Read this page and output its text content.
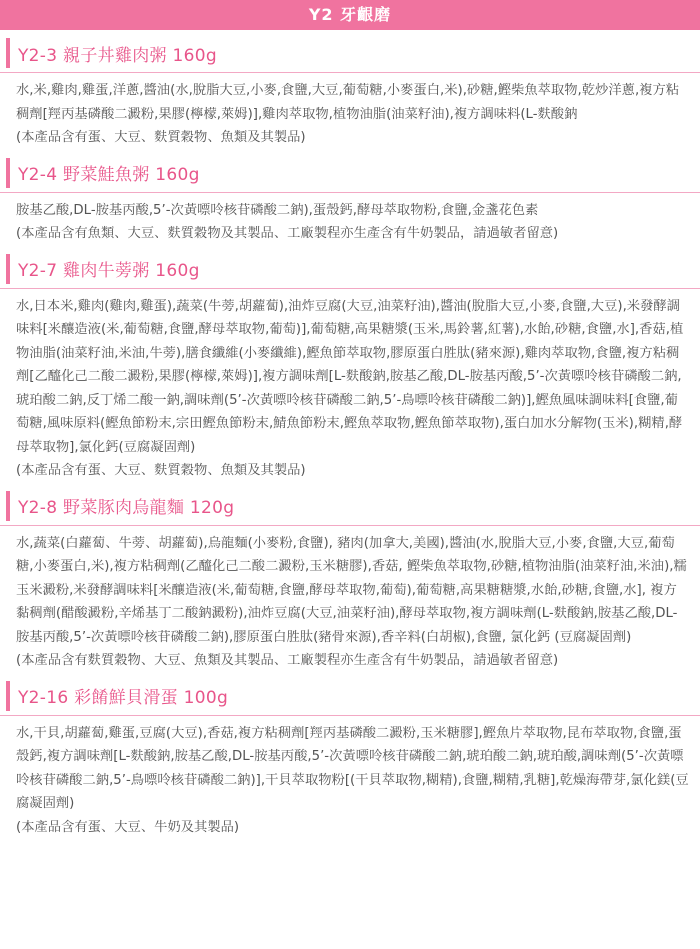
Y2 牙齦磨
Y2-3 親子丼雞肉粥 160g
水,米,雞肉,雞蛋,洋蔥,醬油(水,脫脂大豆,小麥,食鹽,大豆,葡萄糖,小麥蛋白,米),砂糖,鰹柴魚萃取物,乾炒洋蔥,複方粘稠劑[羥丙基磷酸二澱粉,果膠(檸檬,萊姆)],雞肉萃取物,植物油脂(油菜籽油),複方調味料(L-麩酸鈉
(本產品含有蛋、大豆、麩質穀物、魚類及其製品)
Y2-4 野菜鮭魚粥 160g
胺基乙酸,DL-胺基丙酸,5’-次黃嘌呤核苷磷酸二鈉),蛋殼鈣,酵母萃取物粉,食鹽,金盞花色素
(本產品含有魚類、大豆、麩質穀物及其製品、工廠製程亦生產含有牛奶製品，請過敏者留意)
Y2-7 雞肉牛蒡粥 160g
水,日本米,雞肉(雞肉,雞蛋),蔬菜(牛蒡,胡蘿蔔),油炸豆腐(大豆,油菜籽油),醬油(脫脂大豆,小麥,食鹽,大豆),米發酵調味料[米釀造液(米,葡萄糖,食鹽,酵母萃取物,葡萄)],葡萄糖,高果糖漿(玉米,馬鈴薯,紅薯),水飴,砂糖,食鹽,水],香菇,植物油脂(油菜籽油,米油,牛蒡),膳食纖維(小麥纖維),鰹魚節萃取物,膠原蛋白胜肽(豬來源),雞肉萃取物,食鹽,複方粘稠劑[乙醯化己二酸二澱粉,果膠(檸檬,萊姆)],複方調味劑[L-麩酸鈉,胺基乙酸,DL-胺基丙酸,5’-次黃嘌呤核苷磷酸二鈉,琥珀酸二鈉,反丁烯二酸一鈉,調味劑(5’-次黃嘌呤核苷磷酸二鈉,5’-鳥嘌呤核苷磷酸二鈉)],鰹魚風味調味料[食鹽,葡萄糖,風味原料(鰹魚節粉末,宗田鰹魚節粉末,鯖魚節粉末,鰹魚萃取物,鰹魚節萃取物),蛋白加水分解物(玉米),糊精,酵母萃取物],氯化鈣(豆腐凝固劑)
(本產品含有蛋、大豆、麩質穀物、魚類及其製品)
Y2-8 野菜豚肉烏龍麵 120g
水,蔬菜(白蘿蔔、牛蒡、胡蘿蔔),烏龍麵(小麥粉,食鹽), 豬肉(加拿大,美國),醬油(水,脫脂大豆,小麥,食鹽,大豆,葡萄糖,小麥蛋白,米),複方粘稠劑(乙醯化己二酸二澱粉,玉米糖膠),香菇, 鰹柴魚萃取物,砂糖,植物油脂(油菜籽油,米油),糯玉米澱粉,米發酵調味料[米釀造液(米,葡萄糖,食鹽,酵母萃取物,葡萄),葡萄糖,高果糖糖漿,水飴,砂糖,食鹽,水], 複方黏稠劑(醋酸澱粉,辛烯基丁二酸鈉澱粉),油炸豆腐(大豆,油菜籽油),酵母萃取物,複方調味劑(L-麩酸鈉,胺基乙酸,DL-胺基丙酸,5’-次黃嘌呤核苷磷酸二鈉),膠原蛋白胜肽(豬骨來源),香辛料(白胡椒),食鹽, 氯化鈣 (豆腐凝固劑)
(本產品含有麩質穀物、大豆、魚類及其製品、工廠製程亦生產含有牛奶製品，請過敏者留意)
Y2-16 彩餚鮮貝滑蛋 100g
水,干貝,胡蘿蔔,雞蛋,豆腐(大豆),香菇,複方粘稠劑[羥丙基磷酸二澱粉,玉米糖膠],鰹魚片萃取物,昆布萃取物,食鹽,蛋殼鈣,複方調味劑[L-麩酸鈉,胺基乙酸,DL-胺基丙酸,5’-次黃嘌呤核苷磷酸二鈉,琥珀酸二鈉,琥珀酸,調味劑(5’-次黃嘌呤核苷磷酸二鈉,5’-鳥嘌呤核苷磷酸二鈉)],干貝萃取物粉[(干貝萃取物,糊精),食鹽,糊精,乳糖],乾燥海帶芽,氯化鎂(豆腐凝固劑)
(本產品含有蛋、大豆、牛奶及其製品)
